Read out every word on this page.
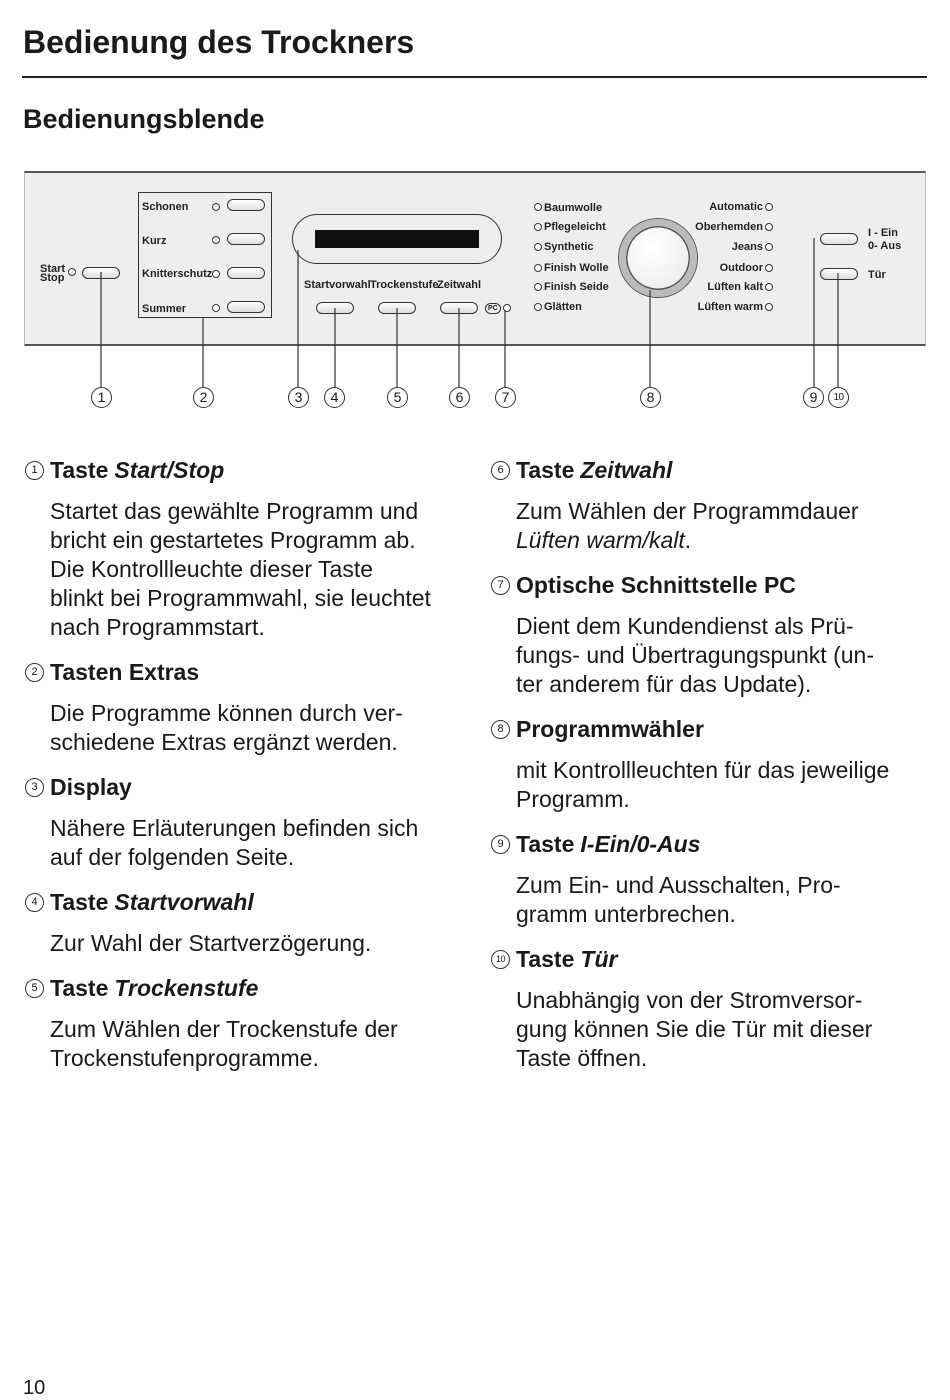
Bedienung des Trockners
Bedienungsblende
Start
Stop
Schonen
Kurz
Knitterschutz
Summer
Startvorwahl Trockenstufe
Zeitwahl
PC
Baumwolle
Pflegeleicht
Synthetic
Finish Wolle
Finish Seide
Glätten
Automatic
Oberhemden
Jeans
Outdoor
Lüften kalt
Lüften warm
I - Ein
0- Aus
Tür
1	2	3	4	5	6	7	8	9	10
1 Taste Start/Stop

Startet das gewählte Programm und

bricht ein gestartetes Programm ab.

Die Kontrollleuchte dieser Taste

blinkt bei Programmwahl, sie leuchtet

nach Programmstart.

2 Tasten Extras

Die Programme können durch ver-

schiedene Extras ergänzt werden.

3 Display

Nähere Erläuterungen befinden sich

auf der folgenden Seite.

4 Taste Startvorwahl

Zur Wahl der Startverzögerung.

5 Taste Trockenstufe

Zum Wählen der Trockenstufe der

Trockenstufenprogramme.

6 Taste Zeitwahl

Zum Wählen der Programmdauer

Lüften warm/kalt.

7 Optische Schnittstelle PC

Dient dem Kundendienst als Prü-

fungs- und Übertragungspunkt (un-

ter anderem für das Update).

8 Programmwähler

mit Kontrollleuchten für das jeweilige

Programm.

9 Taste I-Ein/0-Aus

Zum Ein- und Ausschalten, Pro-

gramm unterbrechen.

10 Taste Tür

Unabhängig von der Stromversor-

gung können Sie die Tür mit dieser

Taste öffnen.

10
